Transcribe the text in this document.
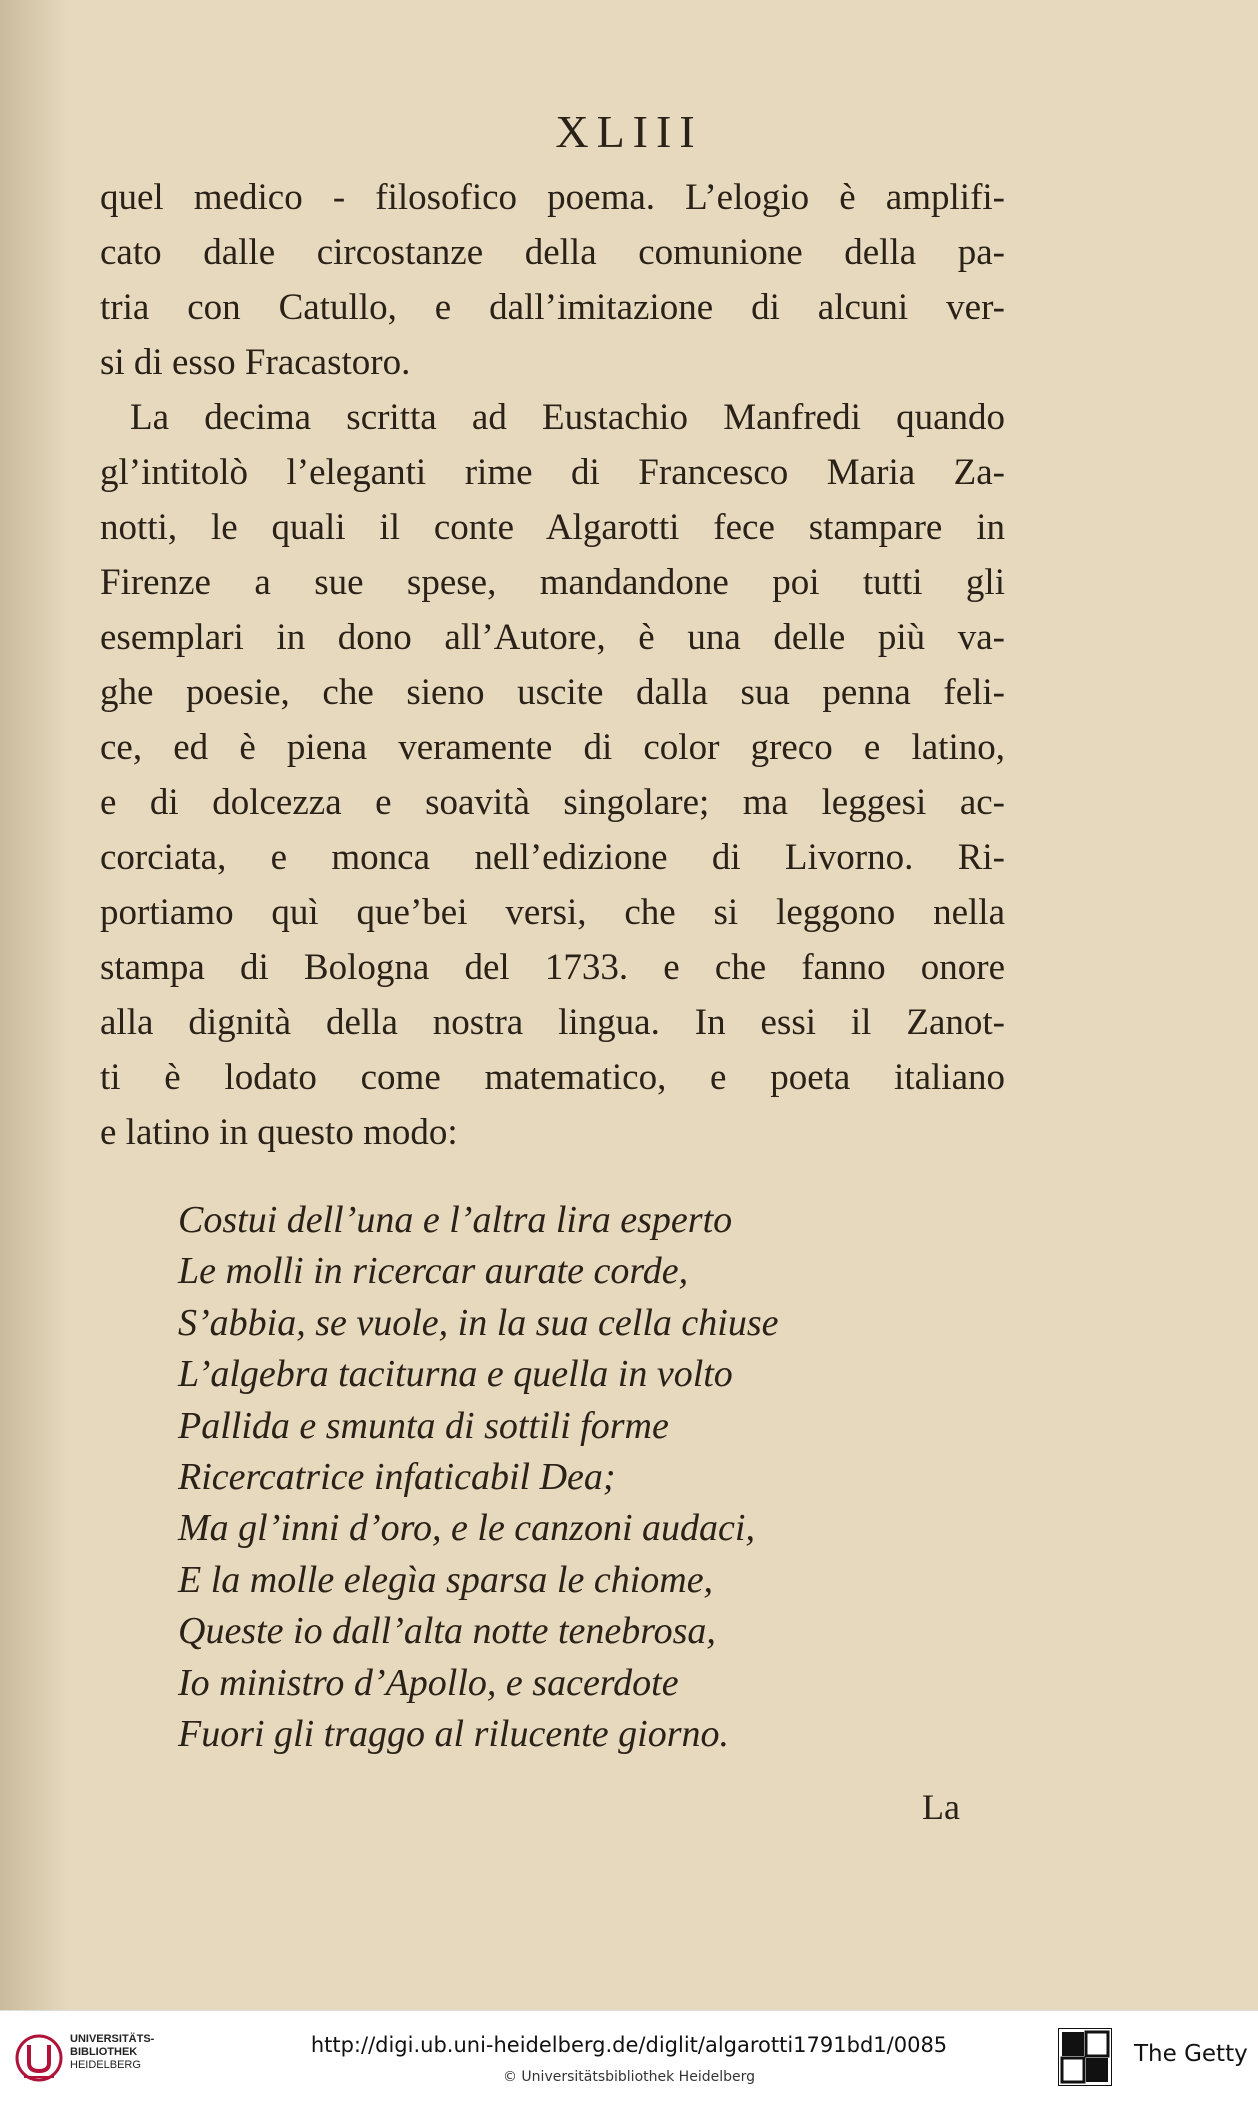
XLIII
quel medico - filosofico poema. L’elogio è amplifi-
cato dalle circostanze della comunione della pa-
tria con Catullo, e dall’imitazione di alcuni ver-
si di esso Fracastoro.
La decima scritta ad Eustachio Manfredi quando
gl’intitolò l’eleganti rime di Francesco Maria Za-
notti, le quali il conte Algarotti fece stampare in
Firenze a sue spese, mandandone poi tutti gli
esemplari in dono all’Autore, è una delle più va-
ghe poesie, che sieno uscite dalla sua penna feli-
ce, ed è piena veramente di color greco e latino,
e di dolcezza e soavità singolare; ma leggesi ac-
corciata, e monca nell’edizione di Livorno. Ri-
portiamo quì que’bei versi, che si leggono nella
stampa di Bologna del 1733. e che fanno onore
alla dignità della nostra lingua. In essi il Zanot-
ti è lodato come matematico, e poeta italiano
e latino in questo modo:
Costui dell’una e l’altra lira esperto
Le molli in ricercar aurate corde,
S’abbia, se vuole, in la sua cella chiuse
L’algebra taciturna e quella in volto
Pallida e smunta di sottili forme
Ricercatrice infaticabil Dea;
Ma gl’inni d’oro, e le canzoni audaci,
E la molle elegìa sparsa le chiome,
Queste io dall’alta notte tenebrosa,
Io ministro d’Apollo, e sacerdote
Fuori gli traggo al rilucente giorno.
La
UNIVERSITÄTS-
BIBLIOTHEK
HEIDELBERG
http://digi.ub.uni-heidelberg.de/diglit/algarotti1791bd1/0085
© Universitätsbibliothek Heidelberg
The Getty
